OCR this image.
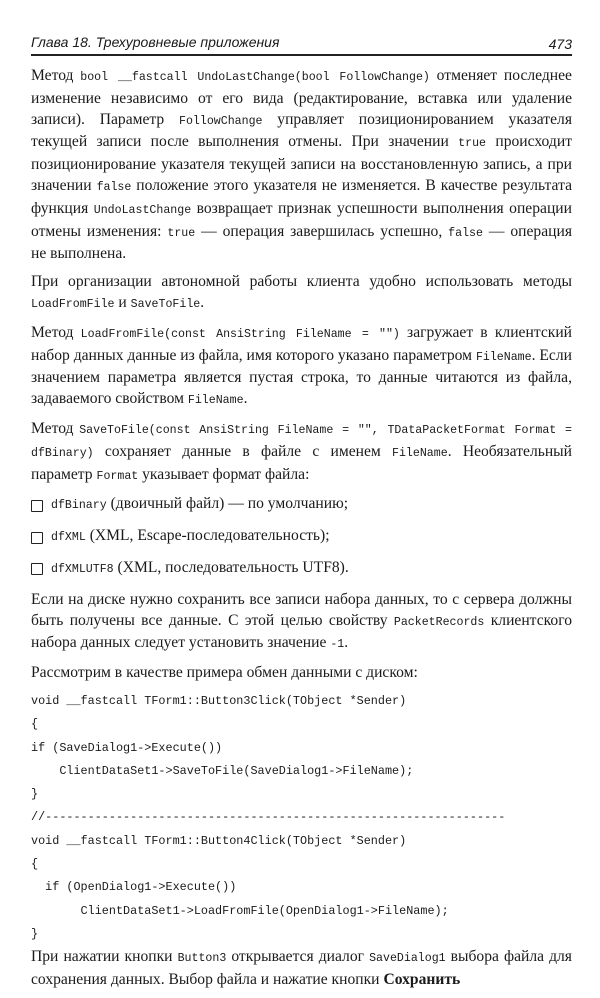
Глава 18. Трехуровневые приложения	473

Метод bool __fastcall UndoLastChange(bool FollowChange) отменяет последнее изменение независимо от его вида (редактирование, вставка или удаление записи). Параметр FollowChange управляет позиционированием указателя текущей записи после выполнения отмены. При значении true происходит позиционирование указателя текущей записи на восстановленную запись, а при значении false положение этого указателя не изменяется. В качестве результата функция UndoLastChange возвращает признак успешности выполнения операции отмены изменения: true — операция завершилась успешно, false — операция не выполнена.

При организации автономной работы клиента удобно использовать методы LoadFromFile и SaveToFile.

Метод LoadFromFile(const AnsiString FileName = "") загружает в клиентский набор данных данные из файла, имя которого указано параметром FileName. Если значением параметра является пустая строка, то данные читаются из файла, задаваемого свойством FileName.

Метод SaveToFile(const AnsiString FileName = "", TDataPacketFormat Format = dfBinary) сохраняет данные в файле с именем FileName. Необязательный параметр Format указывает формат файла:

dfBinary (двоичный файл) — по умолчанию;
dfXML (XML, Escape-последовательность);
dfXMLUTF8 (XML, последовательность UTF8).

Если на диске нужно сохранить все записи набора данных, то с сервера должны быть получены все данные. С этой целью свойству PacketRecords клиентского набора данных следует установить значение -1.

Рассмотрим в качестве примера обмен данными с диском:

void __fastcall TForm1::Button3Click(TObject *Sender)
{
if (SaveDialog1->Execute())
ClientDataSet1->SaveToFile(SaveDialog1->FileName);
}
//-----------------------------------------------------------------
void __fastcall TForm1::Button4Click(TObject *Sender)
{
if (OpenDialog1->Execute())
ClientDataSet1->LoadFromFile(OpenDialog1->FileName);
}

При нажатии кнопки Button3 открывается диалог SaveDialog1 выбора файла для сохранения данных. Выбор файла и нажатие кнопки Сохранить
